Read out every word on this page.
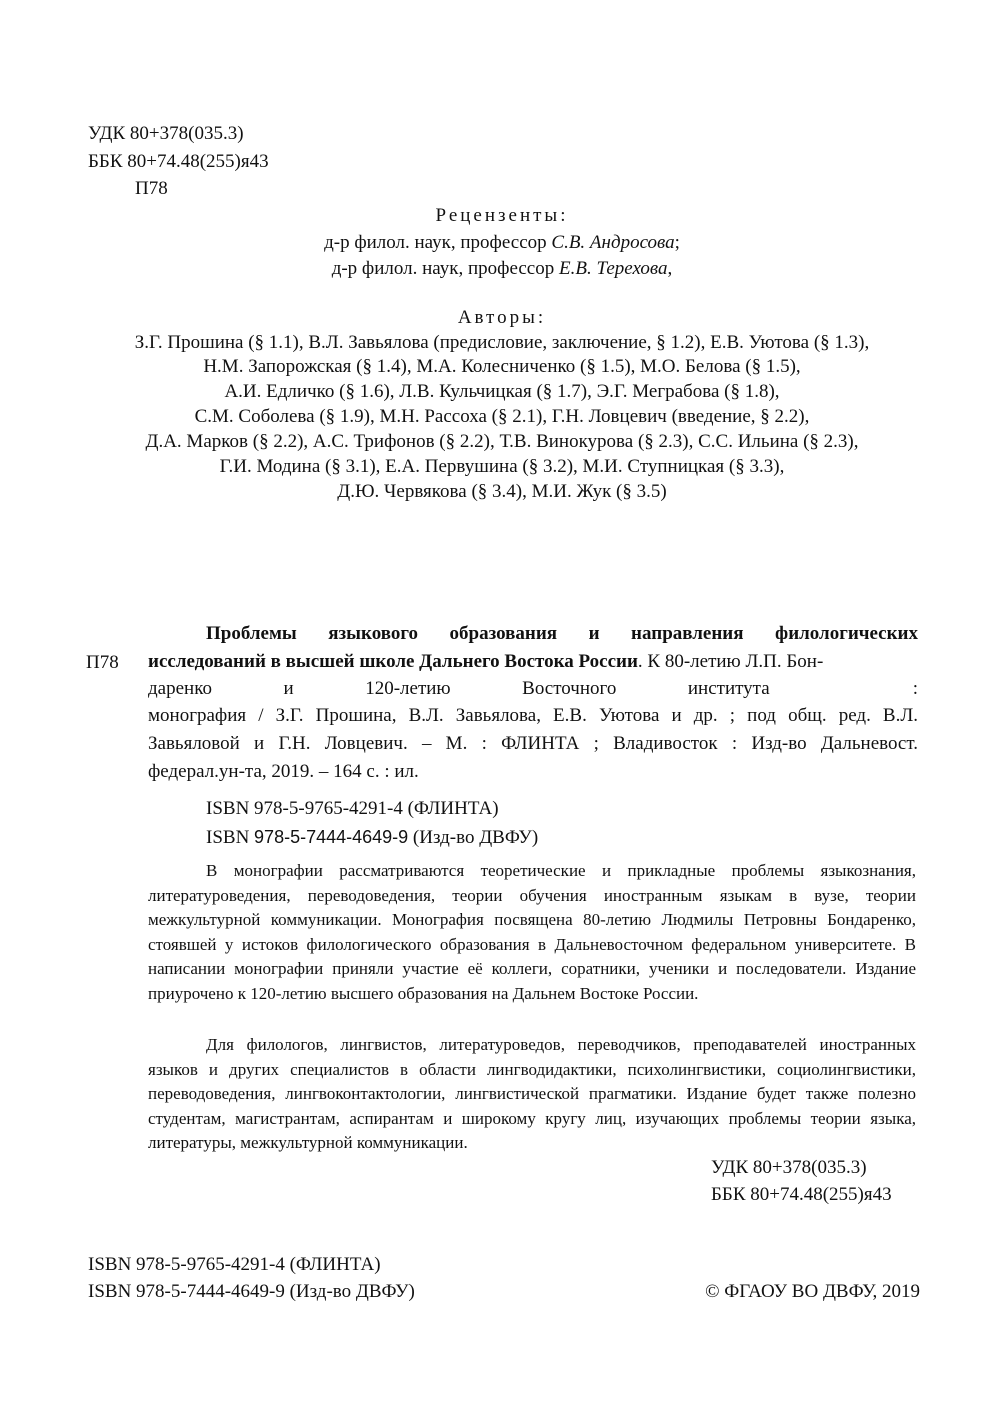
УДК 80+378(035.3)
ББК 80+74.48(255)я43
П78
Рецензенты:
д-р филол. наук, профессор С.В. Андросова;
д-р филол. наук, профессор Е.В. Терехова,
Авторы:
З.Г. Прошина (§ 1.1), В.Л. Завьялова (предисловие, заключение, § 1.2), Е.В. Уютова (§ 1.3),
Н.М. Запорожская (§ 1.4), М.А. Колесниченко (§ 1.5), М.О. Белова (§ 1.5),
А.И. Едличко (§ 1.6), Л.В. Кульчицкая (§ 1.7), Э.Г. Меграбова (§ 1.8),
С.М. Соболева (§ 1.9), М.Н. Рассоха (§ 2.1), Г.Н. Ловцевич (введение, § 2.2),
Д.А. Марков (§ 2.2), А.С. Трифонов (§ 2.2), Т.В. Винокурова (§ 2.3), С.С. Ильина (§ 2.3),
Г.И. Модина (§ 3.1), Е.А. Первушина (§ 3.2), М.И. Ступницкая (§ 3.3),
Д.Ю. Червякова (§ 3.4), М.И. Жук (§ 3.5)
П78
Проблемы языкового образования и направления филологических
исследований в высшей школе Дальнего Востока России. К 80-летию Л.П. Бон-
даренко	и	120-летию	Восточного	института	:
монография / З.Г. Прошина, В.Л. Завьялова, Е.В. Уютова и др. ; под общ. ред. В.Л.
Завьяловой и Г.Н. Ловцевич. – М. : ФЛИНТА ; Владивосток : Изд-во Дальневост.
федерал.ун-та, 2019. – 164 с. : ил.
ISBN 978-5-9765-4291-4 (ФЛИНТА)
ISBN 978-5-7444-4649-9 (Изд-во ДВФУ)
В монографии рассматриваются теоретические и прикладные проблемы языкознания, литературоведения, переводоведения, теории обучения иностранным языкам в вузе, теории межкультурной коммуникации. Монография посвящена 80-летию Людмилы Петровны Бондаренко, стоявшей у истоков филологического образования в Дальневосточном федеральном университете. В написании монографии приняли участие её коллеги, соратники, ученики и последователи. Издание приурочено к 120-летию высшего образования на Дальнем Востоке России.
Для филологов, лингвистов, литературоведов, переводчиков, преподавателей иностранных языков и других специалистов в области лингводидактики, психолингвистики, социолингвистики, переводоведения, лингвоконтактологии, лингвистической прагматики. Издание будет также полезно студентам, магистрантам, аспирантам и широкому кругу лиц, изучающих проблемы теории языка, литературы, межкультурной коммуникации.
УДК 80+378(035.3)
ББК 80+74.48(255)я43
ISBN 978-5-9765-4291-4 (ФЛИНТА)
ISBN 978-5-7444-4649-9 (Изд-во ДВФУ)	© ФГАОУ ВО ДВФУ, 2019
